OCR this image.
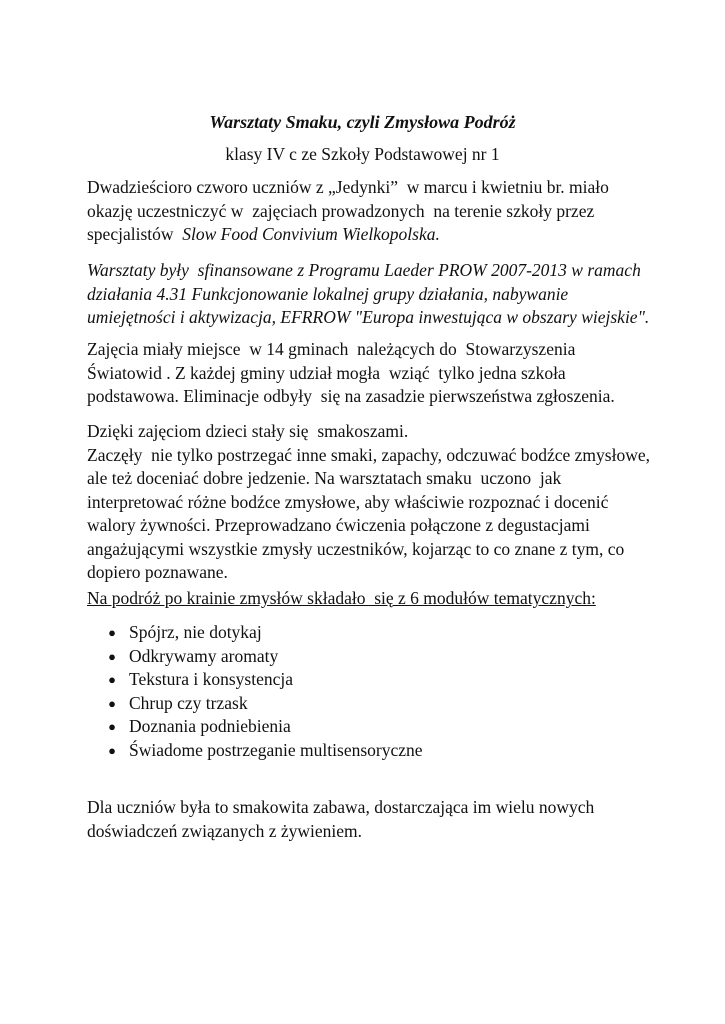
Warsztaty Smaku, czyli Zmysłowa Podróż
klasy IV c ze Szkoły Podstawowej nr 1
Dwadzieścioro czworo uczniów z „Jedynki”  w marcu i kwietniu br. miało
okazję uczestniczyć w  zajęciach prowadzonych  na terenie szkoły przez
specjalistów Slow Food Convivium Wielkopolska.
Warsztaty były  sfinansowane z Programu Laeder PROW 2007-2013 w ramach
działania 4.31 Funkcjonowanie lokalnej grupy działania, nabywanie
umiejętności i aktywizacja, EFRROW "Europa inwestująca w obszary wiejskie".
Zajęcia miały miejsce  w 14 gminach  należących do  Stowarzyszenia
Światowid . Z każdej gminy udział mogła  wziąć  tylko jedna szkoła
podstawowa. Eliminacje odbyły  się na zasadzie pierwszeństwa zgłoszenia.
Dzięki zajęciom dzieci stały się  smakoszami.
Zaczęły  nie tylko postrzegać inne smaki, zapachy, odczuwać bodźce zmysłowe,
ale też doceniać dobre jedzenie. Na warsztatach smaku  uczono  jak
interpretować różne bodźce zmysłowe, aby właściwie rozpoznać i docenić
walory żywności. Przeprowadzano ćwiczenia połączone z degustacjami
angażującymi wszystkie zmysły uczestników, kojarząc to co znane z tym, co
dopiero poznawane.
Na podróż po krainie zmysłów składało  się z 6 modułów tematycznych:
● Spójrz, nie dotykaj
● Odkrywamy aromaty
● Tekstura i konsystencja
● Chrup czy trzask
● Doznania podniebienia
● Świadome postrzeganie multisensoryczne
Dla uczniów była to smakowita zabawa, dostarczająca im wielu nowych
doświadczeń związanych z żywieniem.
